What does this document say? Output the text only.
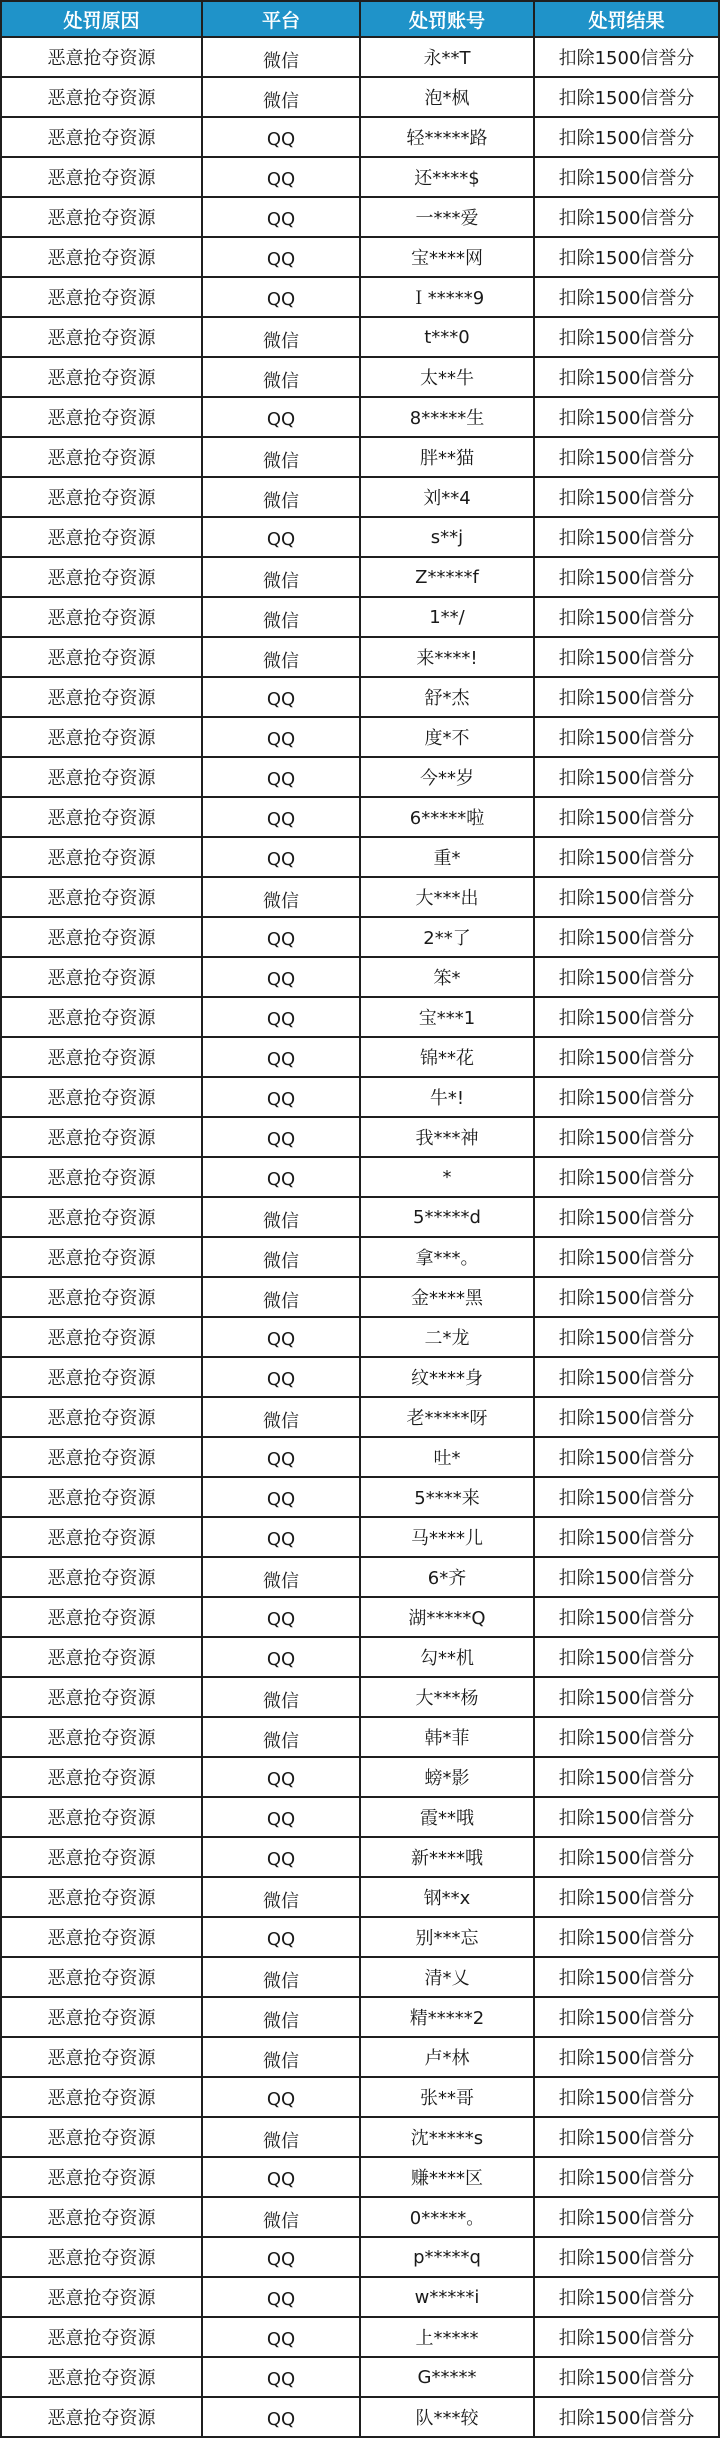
处罚原因	平台	处罚账号	处罚结果
恶意抢夺资源	微信	永**T	扣除1500信誉分
恶意抢夺资源	微信	泡*枫	扣除1500信誉分
恶意抢夺资源	QQ	轻*****路	扣除1500信誉分
恶意抢夺资源	QQ	还****$	扣除1500信誉分
恶意抢夺资源	QQ	一***爱	扣除1500信誉分
恶意抢夺资源	QQ	宝****网	扣除1500信誉分
恶意抢夺资源	QQ	Ｉ*****9	扣除1500信誉分
恶意抢夺资源	微信	t***0	扣除1500信誉分
恶意抢夺资源	微信	太**牛	扣除1500信誉分
恶意抢夺资源	QQ	8*****生	扣除1500信誉分
恶意抢夺资源	微信	胖**猫	扣除1500信誉分
恶意抢夺资源	微信	刘**4	扣除1500信誉分
恶意抢夺资源	QQ	s**j	扣除1500信誉分
恶意抢夺资源	微信	Z*****f	扣除1500信誉分
恶意抢夺资源	微信	1**/	扣除1500信誉分
恶意抢夺资源	微信	来****!	扣除1500信誉分
恶意抢夺资源	QQ	舒*杰	扣除1500信誉分
恶意抢夺资源	QQ	度*不	扣除1500信誉分
恶意抢夺资源	QQ	今**岁	扣除1500信誉分
恶意抢夺资源	QQ	6*****啦	扣除1500信誉分
恶意抢夺资源	QQ	重*	扣除1500信誉分
恶意抢夺资源	微信	大***出	扣除1500信誉分
恶意抢夺资源	QQ	2**了	扣除1500信誉分
恶意抢夺资源	QQ	笨*	扣除1500信誉分
恶意抢夺资源	QQ	宝***1	扣除1500信誉分
恶意抢夺资源	QQ	锦**花	扣除1500信誉分
恶意抢夺资源	QQ	牛*!	扣除1500信誉分
恶意抢夺资源	QQ	我***神	扣除1500信誉分
恶意抢夺资源	QQ	*	扣除1500信誉分
恶意抢夺资源	微信	5*****d	扣除1500信誉分
恶意抢夺资源	微信	拿***。	扣除1500信誉分
恶意抢夺资源	微信	金****黑	扣除1500信誉分
恶意抢夺资源	QQ	二*龙	扣除1500信誉分
恶意抢夺资源	QQ	纹****身	扣除1500信誉分
恶意抢夺资源	微信	老*****呀	扣除1500信誉分
恶意抢夺资源	QQ	吐*	扣除1500信誉分
恶意抢夺资源	QQ	5****来	扣除1500信誉分
恶意抢夺资源	QQ	马****儿	扣除1500信誉分
恶意抢夺资源	微信	6*齐	扣除1500信誉分
恶意抢夺资源	QQ	湖*****Q	扣除1500信誉分
恶意抢夺资源	QQ	勾**机	扣除1500信誉分
恶意抢夺资源	微信	大***杨	扣除1500信誉分
恶意抢夺资源	微信	韩*菲	扣除1500信誉分
恶意抢夺资源	QQ	螃*影	扣除1500信誉分
恶意抢夺资源	QQ	霞**哦	扣除1500信誉分
恶意抢夺资源	QQ	新****哦	扣除1500信誉分
恶意抢夺资源	微信	钢**x	扣除1500信誉分
恶意抢夺资源	QQ	别***忘	扣除1500信誉分
恶意抢夺资源	微信	清*乂	扣除1500信誉分
恶意抢夺资源	微信	精*****2	扣除1500信誉分
恶意抢夺资源	微信	卢*林	扣除1500信誉分
恶意抢夺资源	QQ	张**哥	扣除1500信誉分
恶意抢夺资源	微信	沈*****s	扣除1500信誉分
恶意抢夺资源	QQ	赚****区	扣除1500信誉分
恶意抢夺资源	微信	0*****。	扣除1500信誉分
恶意抢夺资源	QQ	p*****q	扣除1500信誉分
恶意抢夺资源	QQ	w*****i	扣除1500信誉分
恶意抢夺资源	QQ	上*****	扣除1500信誉分
恶意抢夺资源	QQ	G*****	扣除1500信誉分
恶意抢夺资源	QQ	队***较	扣除1500信誉分
